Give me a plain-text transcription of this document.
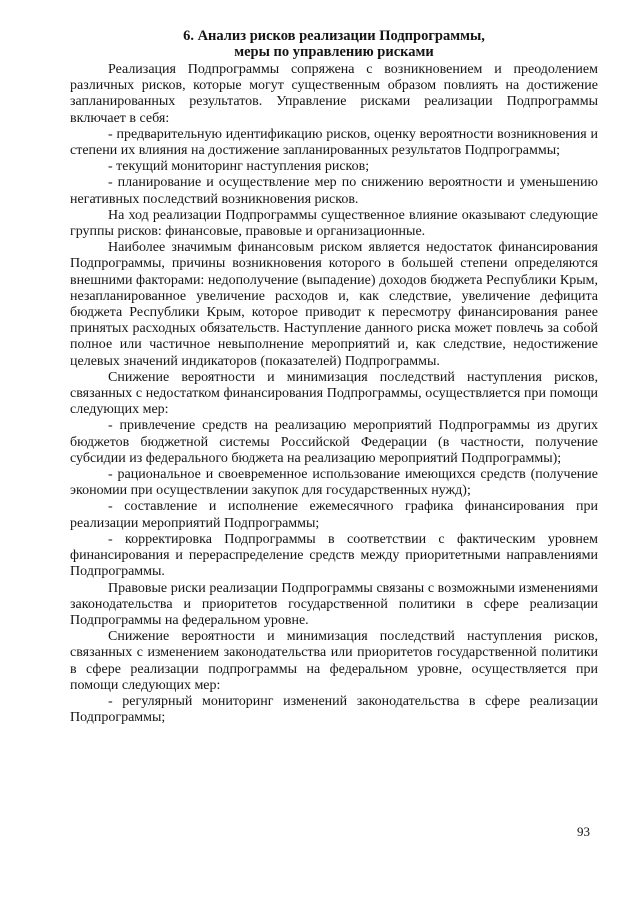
6. Анализ рисков реализации Подпрограммы,
меры по управлению рисками

Реализация Подпрограммы сопряжена с возникновением и преодолением различных рисков, которые могут существенным образом повлиять на достижение запланированных результатов. Управление рисками реализации Подпрограммы включает в себя:

- предварительную идентификацию рисков, оценку вероятности возникновения и степени их влияния на достижение запланированных результатов Подпрограммы;

- текущий мониторинг наступления рисков;

- планирование и осуществление мер по снижению вероятности и уменьшению негативных последствий возникновения рисков.

На ход реализации Подпрограммы существенное влияние оказывают следующие группы рисков: финансовые, правовые и организационные.

Наиболее значимым финансовым риском является недостаток финансирования Подпрограммы, причины возникновения которого в большей степени определяются внешними факторами: недополучение (выпадение) доходов бюджета Республики Крым, незапланированное увеличение расходов и, как следствие, увеличение дефицита бюджета Республики Крым, которое приводит к пересмотру финансирования ранее принятых расходных обязательств. Наступление данного риска может повлечь за собой полное или частичное невыполнение мероприятий и, как следствие, недостижение целевых значений индикаторов (показателей) Подпрограммы.

Снижение вероятности и минимизация последствий наступления рисков, связанных с недостатком финансирования Подпрограммы, осуществляется при помощи следующих мер:

- привлечение средств на реализацию мероприятий Подпрограммы из других бюджетов бюджетной системы Российской Федерации (в частности, получение субсидии из федерального бюджета на реализацию мероприятий Подпрограммы);

- рациональное и своевременное использование имеющихся средств (получение экономии при осуществлении закупок для государственных нужд);

- составление и исполнение ежемесячного графика финансирования при реализации мероприятий Подпрограммы;

- корректировка Подпрограммы в соответствии с фактическим уровнем финансирования и перераспределение средств между приоритетными направлениями Подпрограммы.

Правовые риски реализации Подпрограммы связаны с возможными изменениями законодательства и приоритетов государственной политики в сфере реализации Подпрограммы на федеральном уровне.

Снижение вероятности и минимизация последствий наступления рисков, связанных с изменением законодательства или приоритетов государственной политики в сфере реализации подпрограммы на федеральном уровне, осуществляется при помощи следующих мер:

- регулярный мониторинг изменений законодательства в сфере реализации Подпрограммы;

93
